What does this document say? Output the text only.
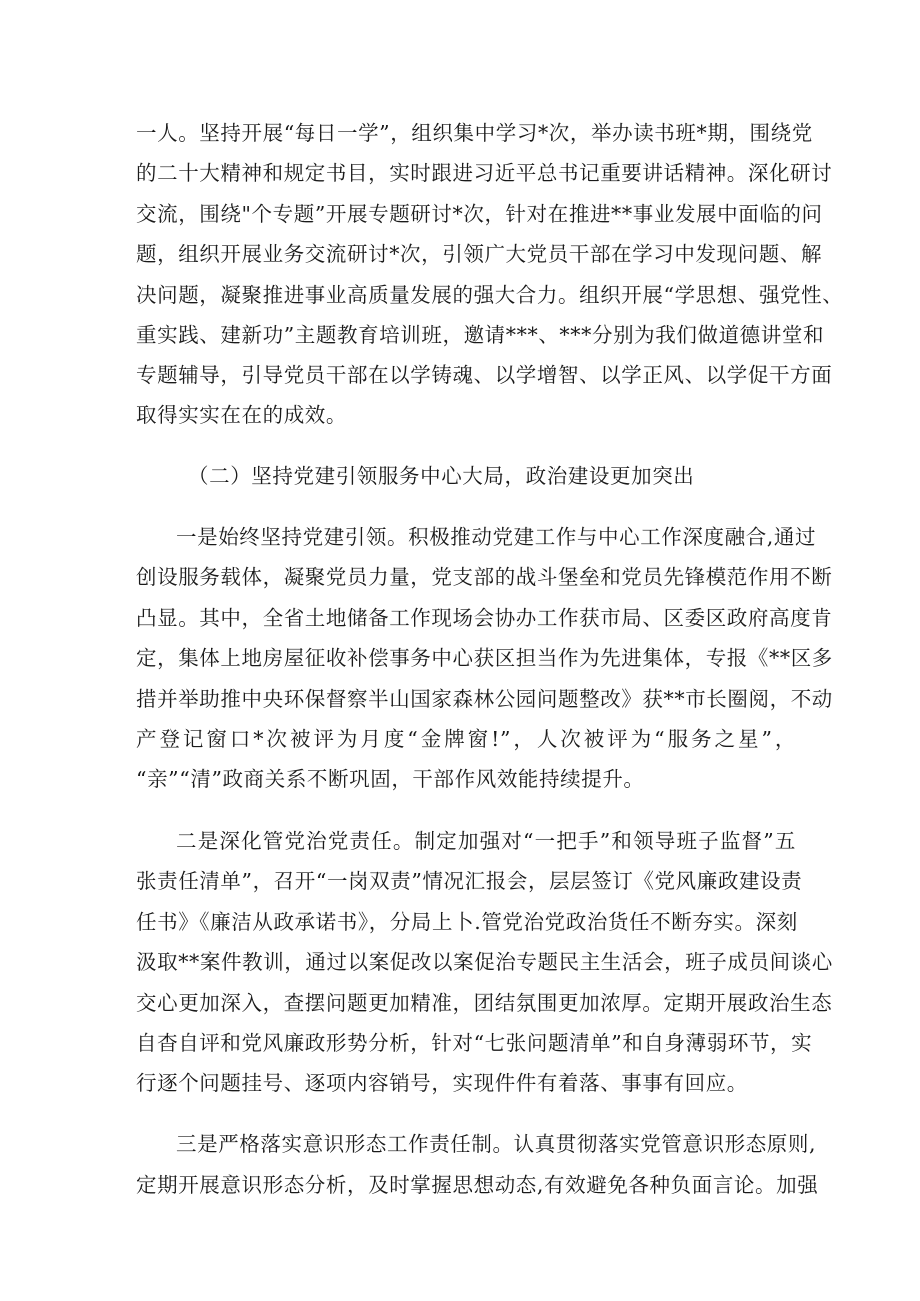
一人。坚持开展“每日一学”，组织集中学习*次，举办读书班*期，围绕党
的二十大精神和规定书目，实时跟进习近平总书记重要讲话精神。深化研讨
交流，围绕"个专题”开展专题研讨*次，针对在推进**事业发展中面临的问
题，组织开展业务交流研讨*次，引领广大党员干部在学习中发现问题、解
决问题，凝聚推进事业高质量发展的强大合力。组织开展“学思想、强党性、
重实践、建新功”主题教育培训班，邀请***、***分别为我们做道德讲堂和
专题辅导，引导党员干部在以学铸魂、以学增智、以学正风、以学促干方面
取得实实在在的成效。
（二）坚持党建引领服务中心大局，政治建设更加突出
一是始终坚持党建引领。积极推动党建工作与中心工作深度融合,通过
创设服务载体，凝聚党员力量，党支部的战斗堡垒和党员先锋模范作用不断
凸显。其中，全省土地储备工作现场会协办工作获市局、区委区政府高度肯
定，集体上地房屋征收补偿事务中心获区担当作为先进集体，专报《**区多
措并举助推中央环保督察半山国家森林公园问题整改》获**市长圈阅，不动
产登记窗口*次被评为月度“金牌窗!”，人次被评为“服务之星”，
“亲”“清”政商关系不断巩固，干部作风效能持续提升。
二是深化管党治党责任。制定加强对“一把手”和领导班子监督”五
张责任清单”，召开“一岗双责”情况汇报会，层层签订《党风廉政建设责
任书》《廉洁从政承诺书》，分局上卜.管党治党政治货任不断夯实。深刻
汲取**案件教训，通过以案促改以案促治专题民主生活会，班子成员间谈心
交心更加深入，查摆问题更加精准，团结氛围更加浓厚。定期开展政治生态
自杳自评和党风廉政形势分析，针对“七张问题清单”和自身薄弱环节，实
行逐个问题挂号、逐项内容销号，实现件件有着落、事事有回应。
三是严格落实意识形态工作责任制。认真贯彻落实党管意识形态原则,
定期开展意识形态分析，及时掌握思想动态,有效避免各种负面言论。加强
